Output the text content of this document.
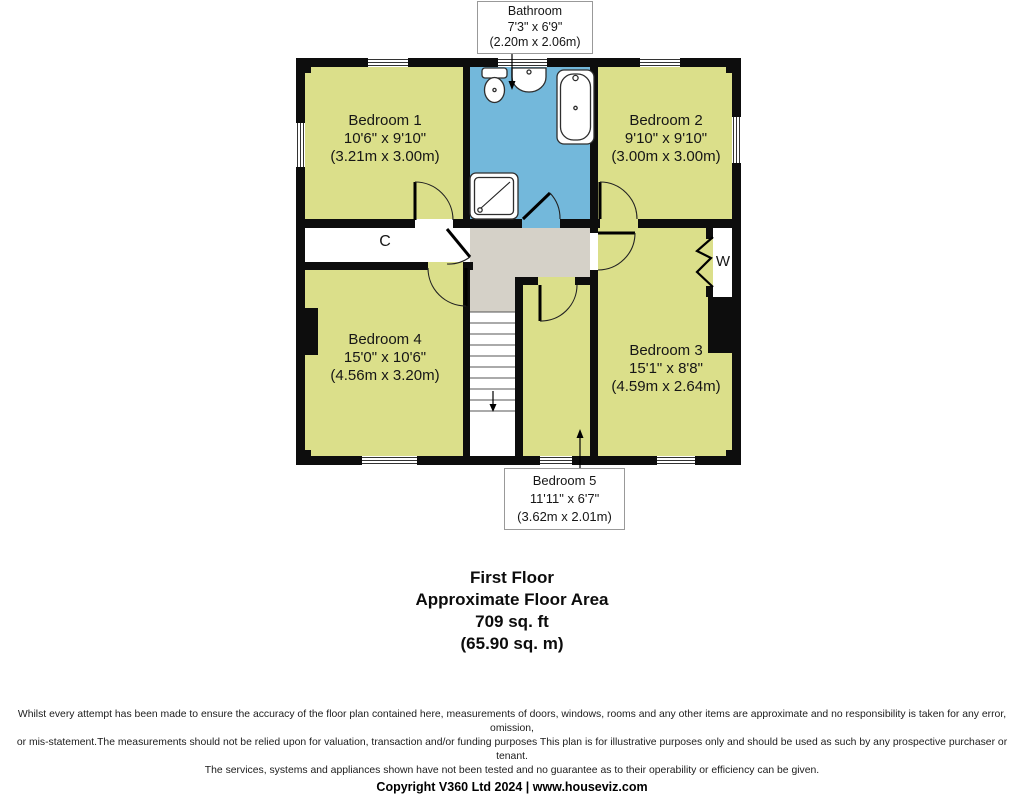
Bedroom 1
10'6" x 9'10"
(3.21m x 3.00m)
Bedroom 2
9'10" x 9'10"
(3.00m x 3.00m)
Bedroom 4
15'0" x 10'6"
(4.56m x 3.20m)
Bedroom 3
15'1" x 8'8"
(4.59m x 2.64m)
Bathroom
7'3" x 6'9"
(2.20m x 2.06m)
Bedroom 5
11'11" x 6'7"
(3.62m x 2.01m)
C
W
First Floor
Approximate Floor Area
709 sq. ft
(65.90 sq. m)
Whilst every attempt has been made to ensure the accuracy of the floor plan contained here, measurements of doors, windows, rooms and any other items are approximate and no responsibility is taken for any error, omission,
or mis-statement.The measurements should not be relied upon for valuation, transaction and/or funding purposes This plan is for illustrative purposes only and should be used as such by any prospective purchaser or tenant.
The services, systems and appliances shown have not been tested and no guarantee as to their operability or efficiency can be given.
Copyright V360 Ltd 2024 | www.houseviz.com
